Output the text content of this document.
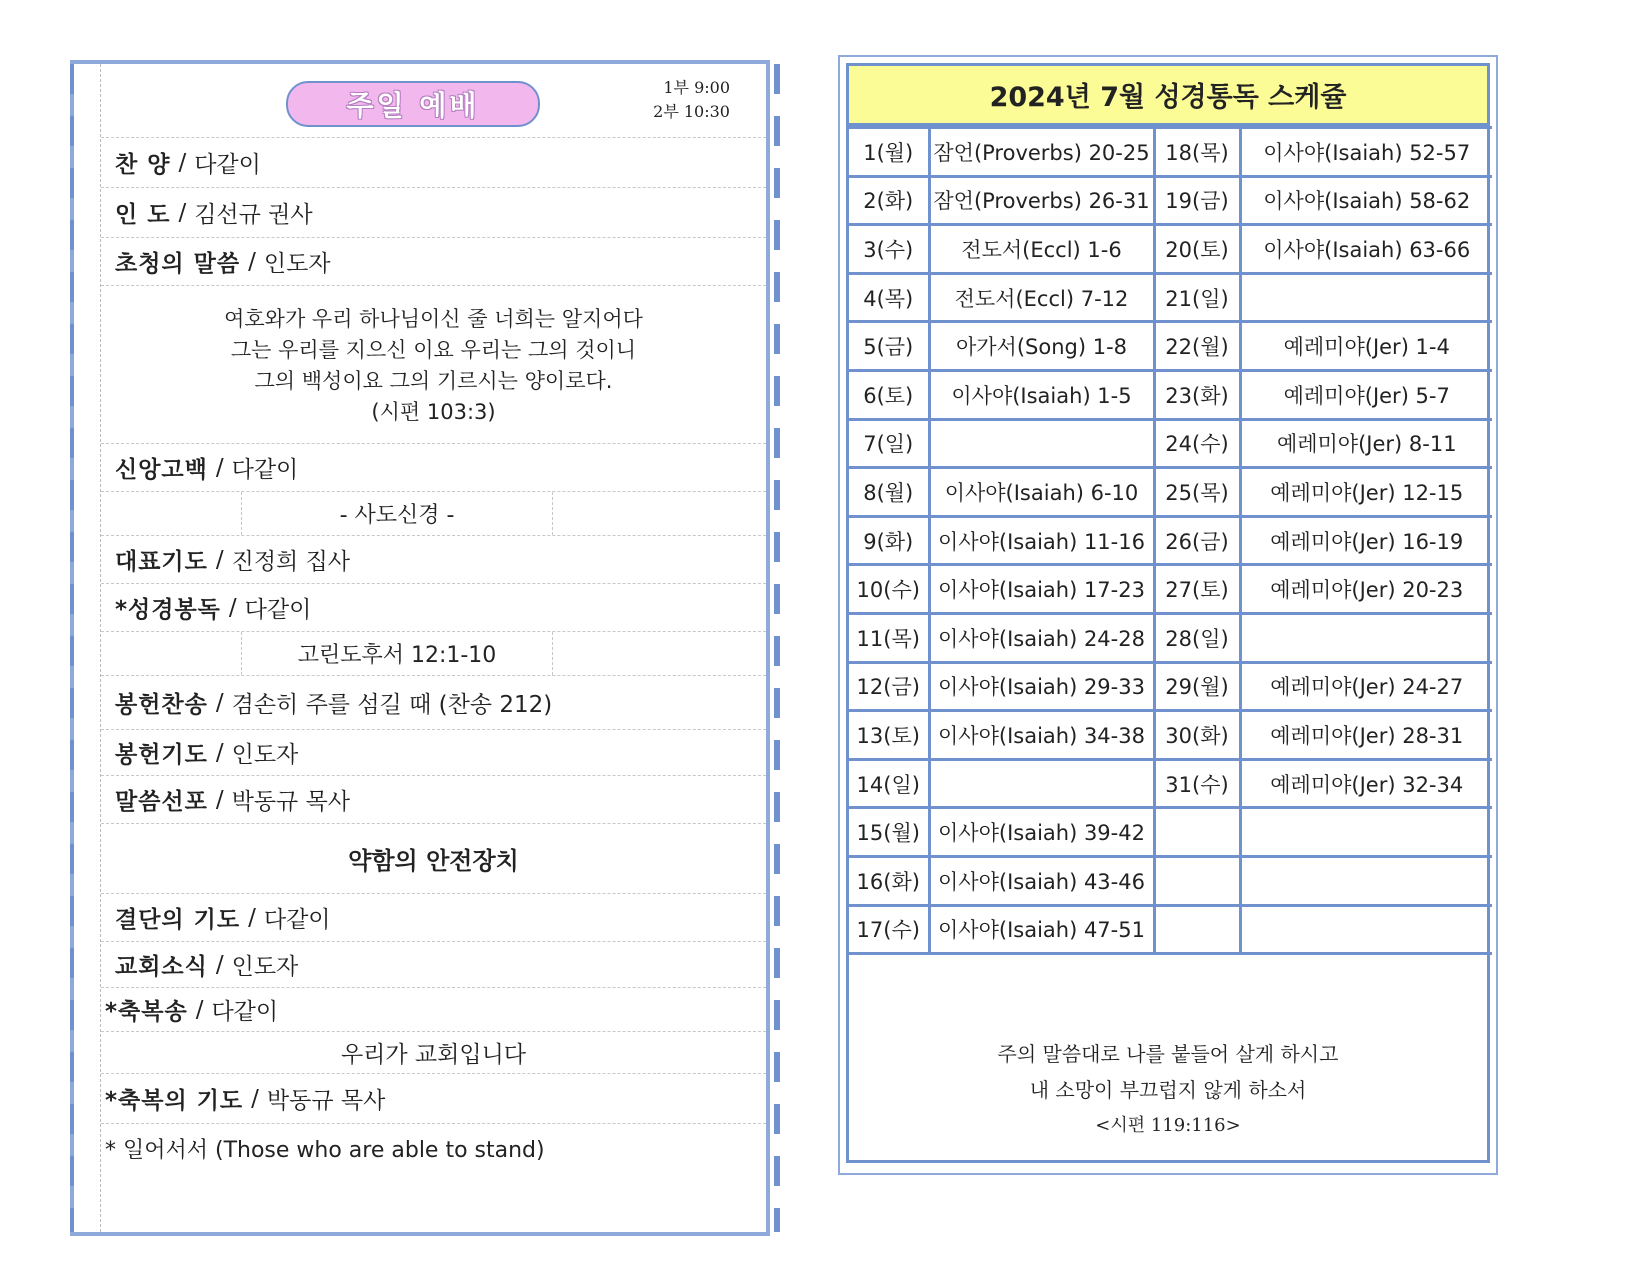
주일 예배
1부 9:00
2부 10:30
찬 양 / 다같이
인 도 / 김선규 권사
초청의 말씀 / 인도자
여호와가 우리 하나님이신 줄 너희는 알지어다
그는 우리를 지으신 이요 우리는 그의 것이니
그의 백성이요 그의 기르시는 양이로다.
(시편 103:3)
신앙고백 / 다같이
- 사도신경 -
대표기도 / 진정희 집사
*성경봉독 / 다같이
고린도후서 12:1-10
봉헌찬송 / 겸손히 주를 섬길 때 (찬송 212)
봉헌기도 / 인도자
말씀선포 / 박동규 목사
약함의 안전장치
결단의 기도 / 다같이
교회소식 / 인도자
*축복송 / 다같이
우리가 교회입니다
*축복의 기도 / 박동규 목사
* 일어서서 (Those who are able to stand)
2024년 7월 성경통독 스케쥴
1(월)	잠언(Proverbs) 20-25	18(목)	이사야(Isaiah) 52-57
2(화)	잠언(Proverbs) 26-31	19(금)	이사야(Isaiah) 58-62
3(수)	전도서(Eccl) 1-6	20(토)	이사야(Isaiah) 63-66
4(목)	전도서(Eccl) 7-12	21(일)	
5(금)	아가서(Song) 1-8	22(월)	예레미야(Jer) 1-4
6(토)	이사야(Isaiah) 1-5	23(화)	예레미야(Jer) 5-7
7(일)		24(수)	예레미야(Jer) 8-11
8(월)	이사야(Isaiah) 6-10	25(목)	예레미야(Jer) 12-15
9(화)	이사야(Isaiah) 11-16	26(금)	예레미야(Jer) 16-19
10(수)	이사야(Isaiah) 17-23	27(토)	예레미야(Jer) 20-23
11(목)	이사야(Isaiah) 24-28	28(일)	
12(금)	이사야(Isaiah) 29-33	29(월)	예레미야(Jer) 24-27
13(토)	이사야(Isaiah) 34-38	30(화)	예레미야(Jer) 28-31
14(일)		31(수)	예레미야(Jer) 32-34
15(월)	이사야(Isaiah) 39-42		
16(화)	이사야(Isaiah) 43-46		
17(수)	이사야(Isaiah) 47-51		
주의 말씀대로 나를 붙들어 살게 하시고
내 소망이 부끄럽지 않게 하소서
<시편 119:116>
